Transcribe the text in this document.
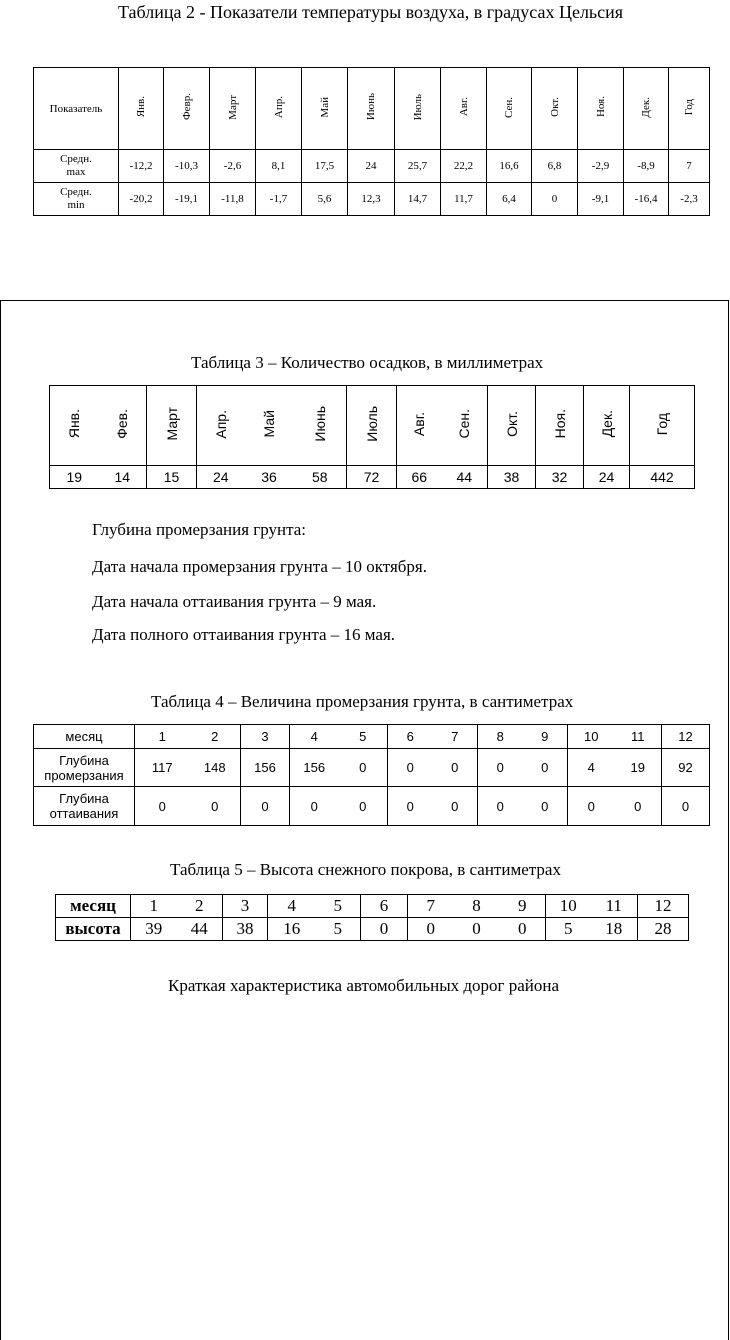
Таблица 2 - Показатели температуры воздуха, в градусах Цельсия
Показатель	Янв.	Февр.	Март	Апр.	Май	Июнь	Июль	Авг.	Сен.	Окт.	Ноя.	Дек.	Год
Средн.
max	-12,2	-10,3	-2,6	8,1	17,5	24	25,7	22,2	16,6	6,8	-2,9	-8,9	7
Средн.
min	-20,2	-19,1	-11,8	-1,7	5,6	12,3	14,7	11,7	6,4	0	-9,1	-16,4	-2,3
Таблица 3 – Количество осадков, в миллиметрах
Янв.	Фев.	Март	Апр.	Май	Июнь	Июль	Авг.	Сен.	Окт.	Ноя.	Дек.	Год
19	14	15	24	36	58	72	66	44	38	32	24	442
Глубина промерзания грунта:
Дата начала промерзания грунта – 10 октября.
Дата начала оттаивания грунта – 9 мая.
Дата полного оттаивания грунта – 16 мая.
Таблица 4 – Величина промерзания грунта, в сантиметрах
месяц	1	2	3	4	5	6	7	8	9	10	11	12
Глубина
промерзания	117	148	156	156	0	0	0	0	0	4	19	92
Глубина
оттаивания	0	0	0	0	0	0	0	0	0	0	0	0
Таблица 5 – Высота снежного покрова, в сантиметрах
месяц	1	2	3	4	5	6	7	8	9	10	11	12
высота	39	44	38	16	5	0	0	0	0	5	18	28
Краткая характеристика автомобильных дорог района
